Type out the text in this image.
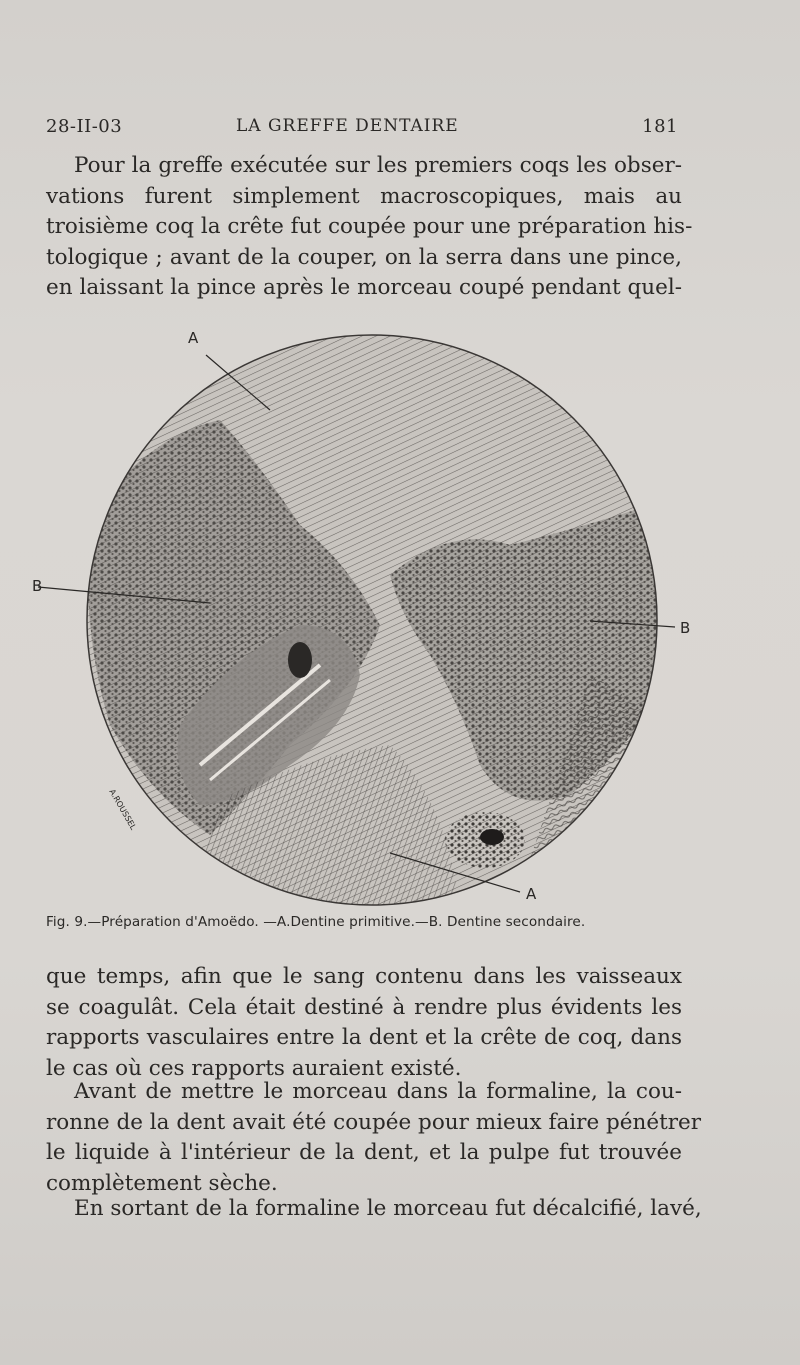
28-II-03	LA GREFFE DENTAIRE	181
Pour la greffe exécutée sur les premiers coqs les obser-
vations furent simplement macroscopiques, mais au
troisième coq la crête fut coupée pour une préparation his-
tologique ; avant de la couper, on la serra dans une pince,
en laissant la pince après le morceau coupé pendant quel-
A
B
B
A
A.ROUSSEL
Fig. 9.—Préparation d'Amoëdo. —A.Dentine primitive.—B. Dentine secondaire.
que temps, afin que le sang contenu dans les vaisseaux
se coagulât. Cela était destiné à rendre plus évidents les
rapports vasculaires entre la dent et la crête de coq, dans
le cas où ces rapports auraient existé.
Avant de mettre le morceau dans la formaline, la cou-
ronne de la dent avait été coupée pour mieux faire pénétrer
le liquide à l'intérieur de la dent, et la pulpe fut trouvée
complètement sèche.
En sortant de la formaline le morceau fut décalcifié, lavé,
